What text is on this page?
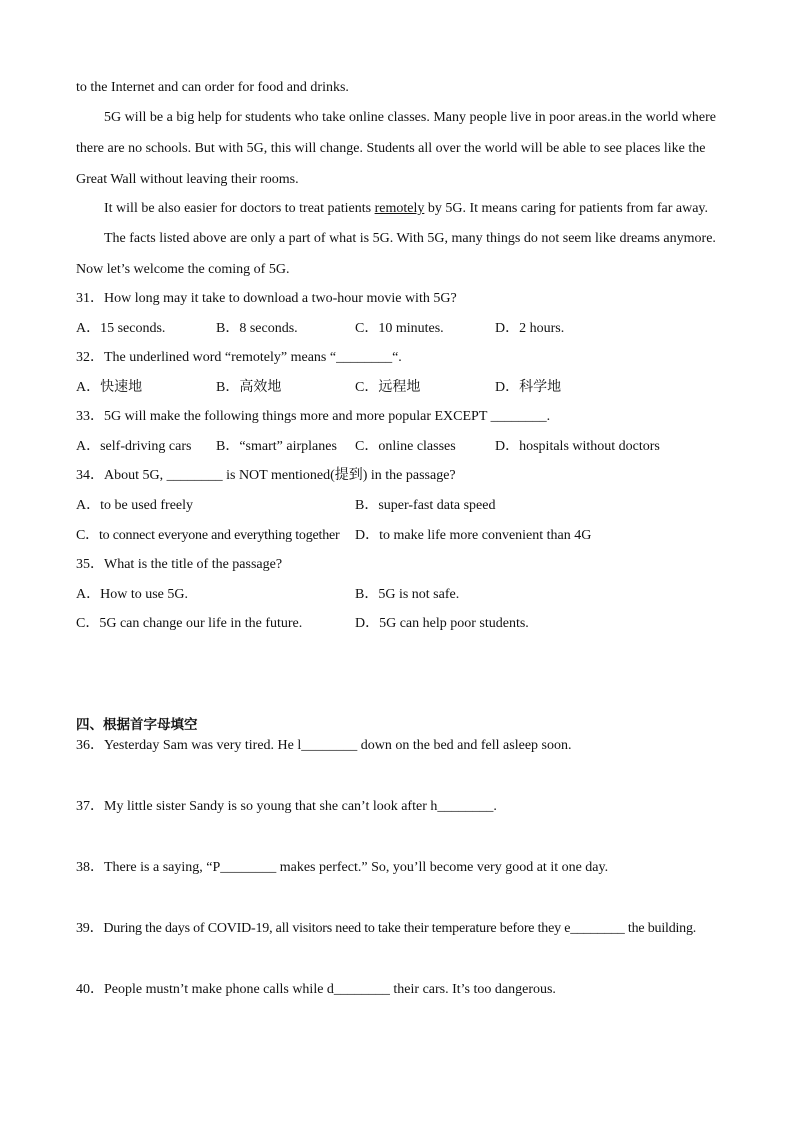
to the Internet and can order for food and drinks.
5G will be a big help for students who take online classes. Many people live in poor areas.in the world where
there are no schools. But with 5G, this will change. Students all over the world will be able to see places like the
Great Wall without leaving their rooms.
It will be also easier for doctors to treat patients remotely by 5G. It means caring for patients from far away.
The facts listed above are only a part of what is 5G. With 5G, many things do not seem like dreams anymore.
Now let’s welcome the coming of 5G.
31．How long may it take to download a two-hour movie with 5G?
A．15 seconds.	B．8 seconds.	C．10 minutes.	D．2 hours.
32．The underlined word “remotely” means “________“.
A．快速地	B．高效地	C．远程地	D．科学地
33．5G will make the following things more and more popular EXCEPT ________.
A．self-driving cars B．“smart” airplanes C．online classes	D．hospitals without doctors
34．About 5G, ________ is NOT mentioned(提到) in the passage?
A．to be used freely	B．super-fast data speed
C．to connect everyone and everything together D．to make life more convenient than 4G
35．What is the title of the passage?
A．How to use 5G.	B．5G is not safe.
C．5G can change our life in the future.	D．5G can help poor students.
四、根据首字母填空
36．Yesterday Sam was very tired. He l________ down on the bed and fell asleep soon.
37．My little sister Sandy is so young that she can’t look after h________.
38．There is a saying, “P________ makes perfect.” So, you’ll become very good at it one day.
39．During the days of COVID-19, all visitors need to take their temperature before they e________ the building.
40．People mustn’t make phone calls while d________ their cars. It’s too dangerous.
